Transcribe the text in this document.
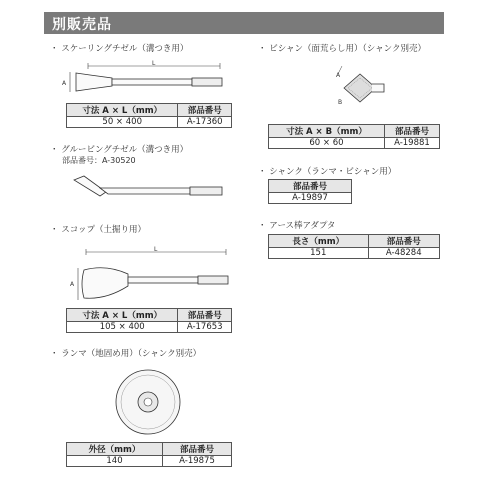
別販売品
・ スケーリングチゼル（溝つき用）
L
A
寸法 A × L（mm）	部品番号
50 × 400	A-17360
・ グルービングチゼル（溝つき用）
部品番号：A-30520
・ スコップ（土掘り用）
L
A
寸法 A × L（mm）	部品番号
105 × 400	A-17653
・ ランマ（地固め用）（シャンク別売）
外径（mm）	部品番号
140	A-19875
・ ビシャン（面荒らし用）（シャンク別売）
A
B
寸法 A × B（mm）	部品番号
60 × 60	A-19881
・ シャンク（ランマ・ビシャン用）
部品番号
A-19897
・ アース棒アダプタ
長さ（mm）	部品番号
151	A-48284
